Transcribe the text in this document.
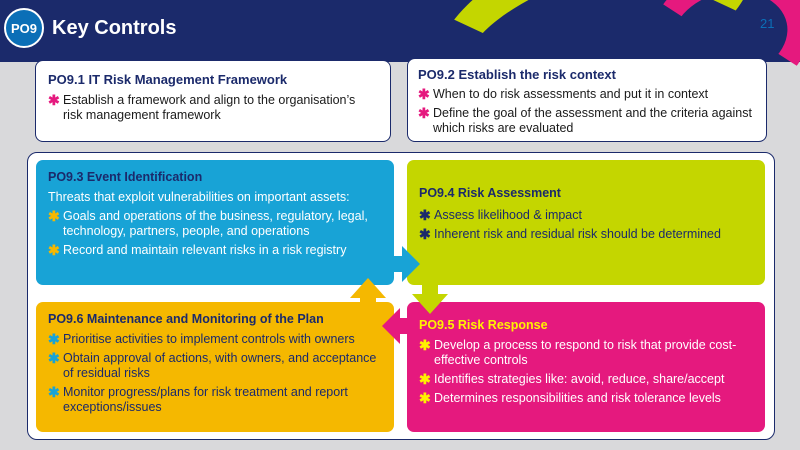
PO9 Key Controls	21
PO9.1 IT Risk Management Framework
✱ Establish a framework and align to the organisation’s risk management framework
PO9.2 Establish the risk context
✱ When to do risk assessments and put it in context
✱ Define the goal of the assessment and the criteria against which risks are evaluated
PO9.3 Event Identification
Threats that exploit vulnerabilities on important assets:
✱ Goals and operations of the business, regulatory, legal, technology, partners, people, and operations
✱ Record and maintain relevant risks in a risk registry
PO9.4 Risk Assessment
✱ Assess likelihood & impact
✱ Inherent risk and residual risk should be determined
PO9.6 Maintenance and Monitoring of the Plan
✱ Prioritise activities to implement controls with owners
✱ Obtain approval of actions, with owners, and acceptance of residual risks
✱ Monitor progress/plans for risk treatment and report exceptions/issues
PO9.5 Risk Response
✱ Develop a process to respond to risk that provide cost-effective controls
✱ Identifies strategies like: avoid, reduce, share/accept
✱ Determines responsibilities and risk tolerance levels
